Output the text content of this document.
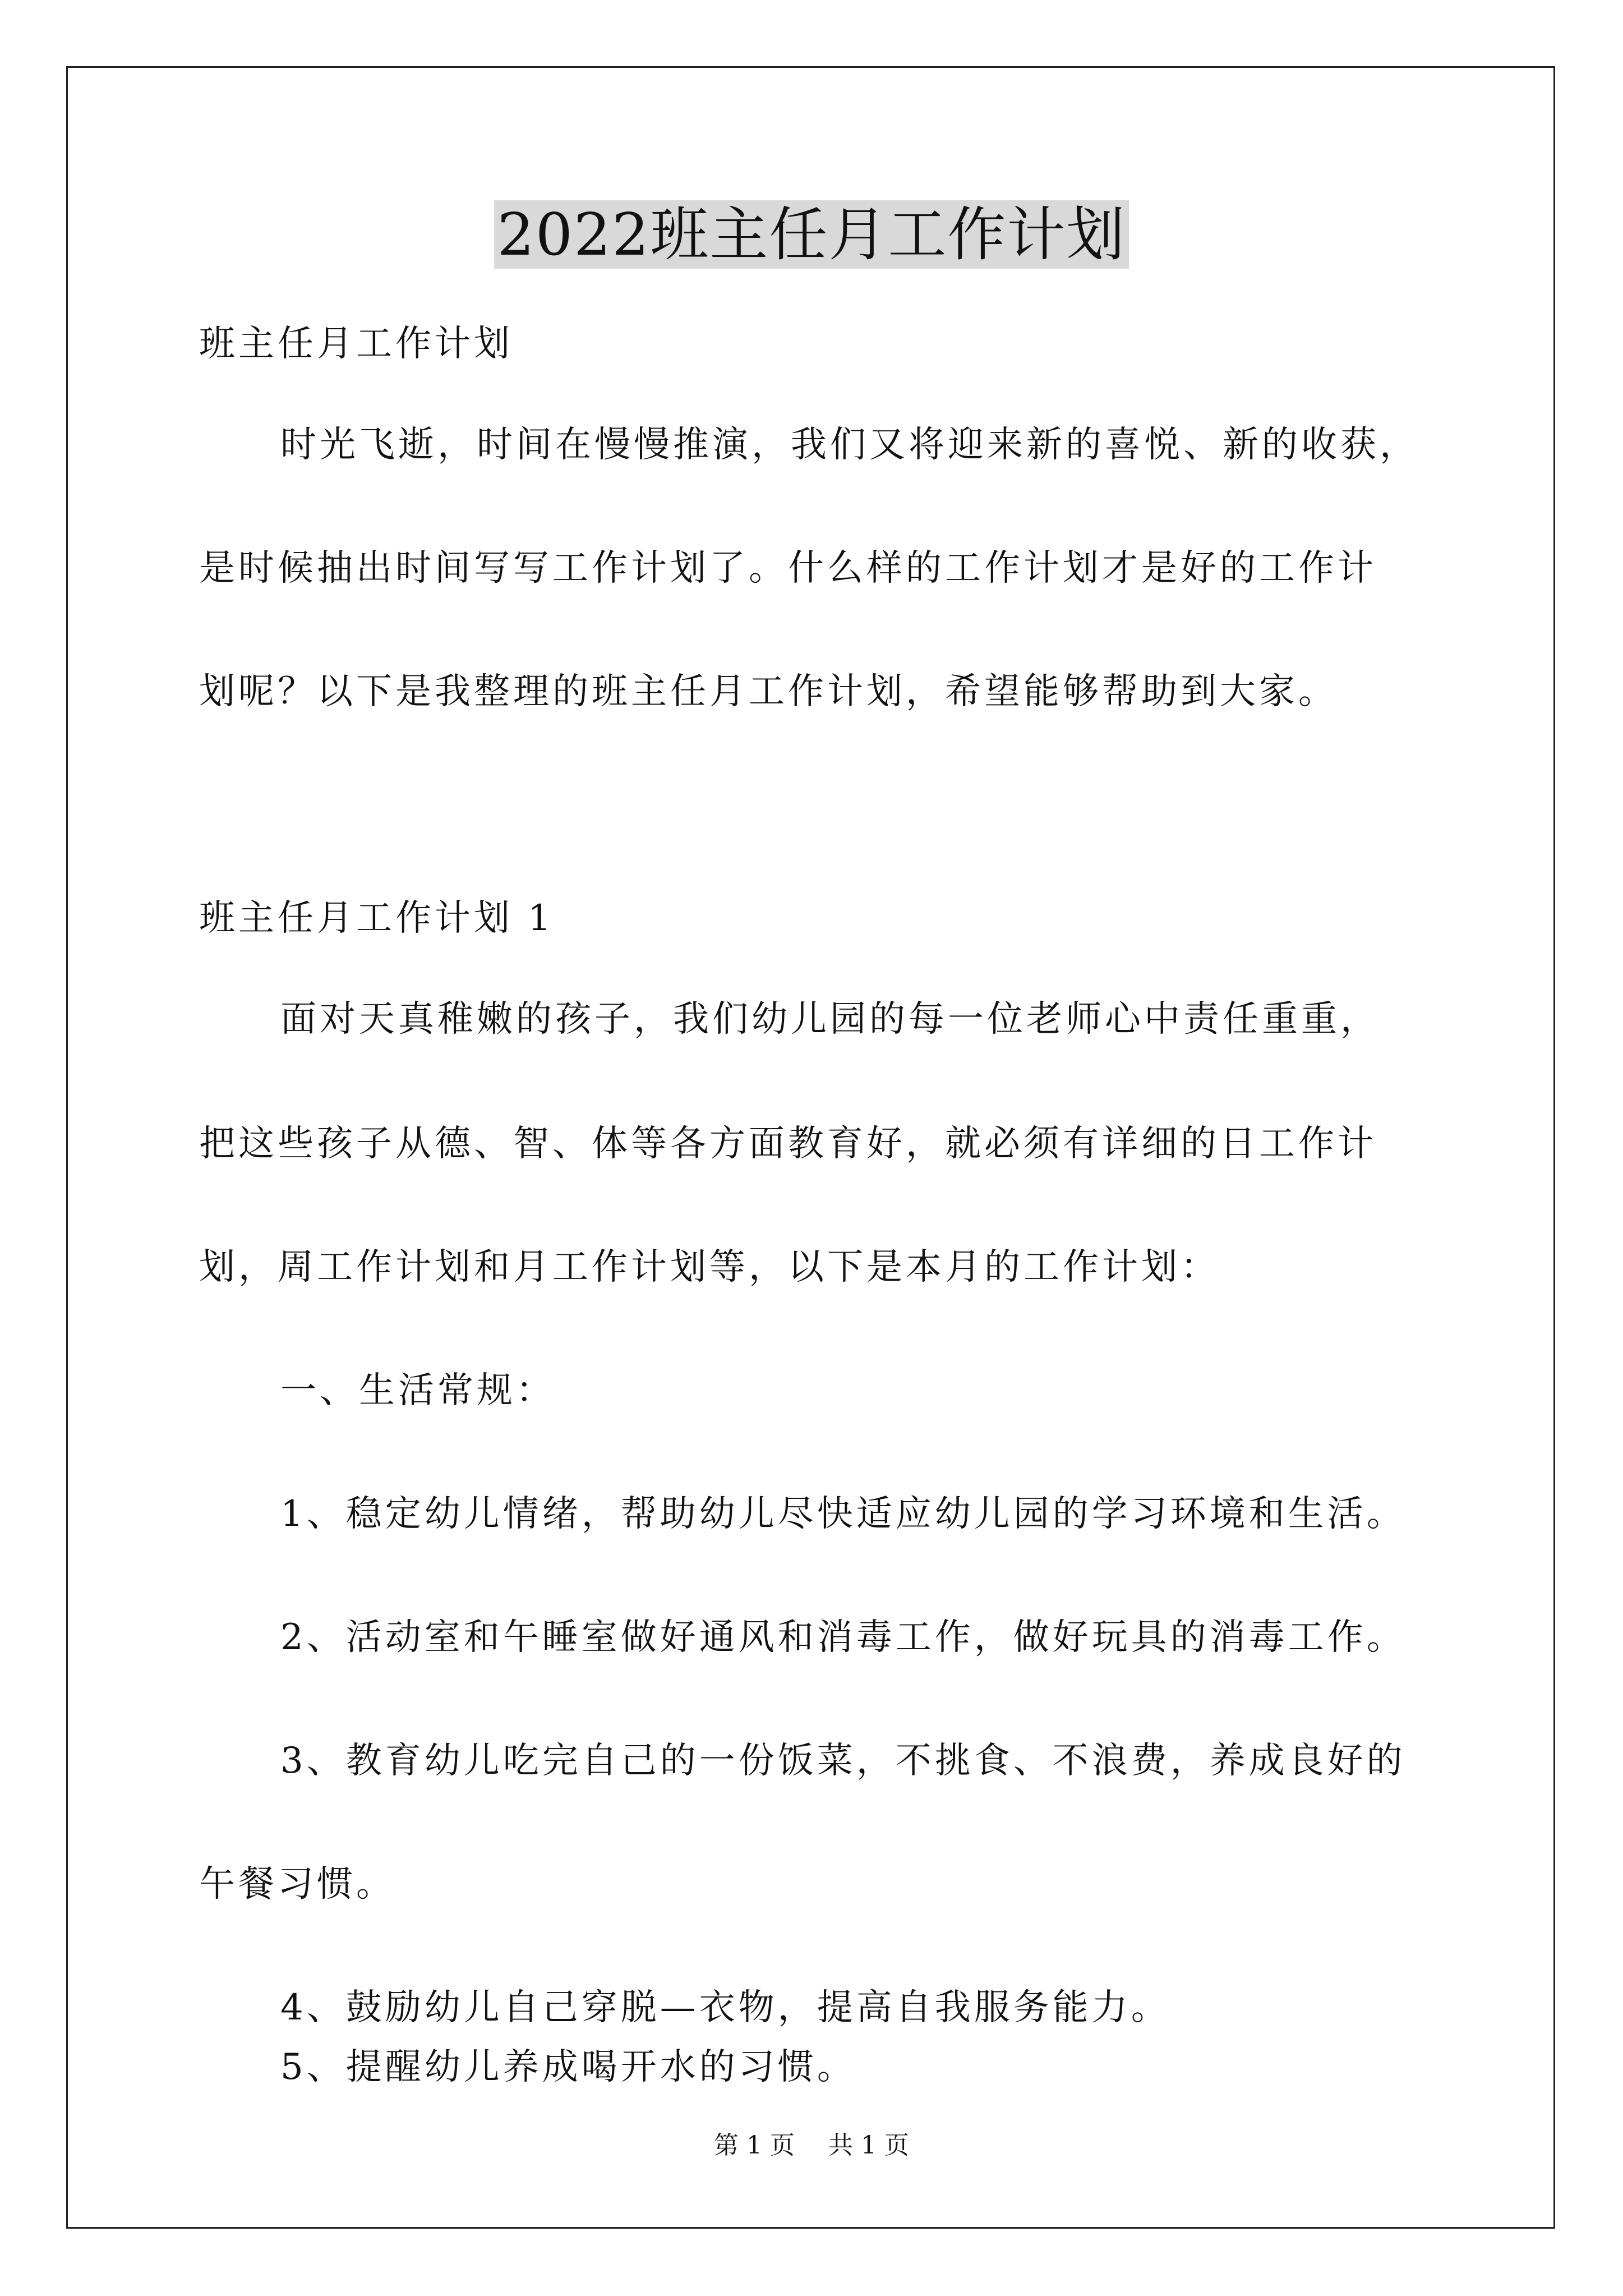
2022班主任月工作计划
班主任月工作计划
时光飞逝，时间在慢慢推演，我们又将迎来新的喜悦、新的收获，
是时候抽出时间写写工作计划了。什么样的工作计划才是好的工作计
划呢？以下是我整理的班主任月工作计划，希望能够帮助到大家。
班主任月工作计划 1
面对天真稚嫩的孩子，我们幼儿园的每一位老师心中责任重重，
把这些孩子从德、智、体等各方面教育好，就必须有详细的日工作计
划，周工作计划和月工作计划等，以下是本月的工作计划：
一、生活常规：
1、稳定幼儿情绪，帮助幼儿尽快适应幼儿园的学习环境和生活。
2、活动室和午睡室做好通风和消毒工作，做好玩具的消毒工作。
3、教育幼儿吃完自己的一份饭菜，不挑食、不浪费，养成良好的
午餐习惯。
4、鼓励幼儿自己穿脱—衣物，提高自我服务能力。
5、提醒幼儿养成喝开水的习惯。
第 1 页 共 1 页
